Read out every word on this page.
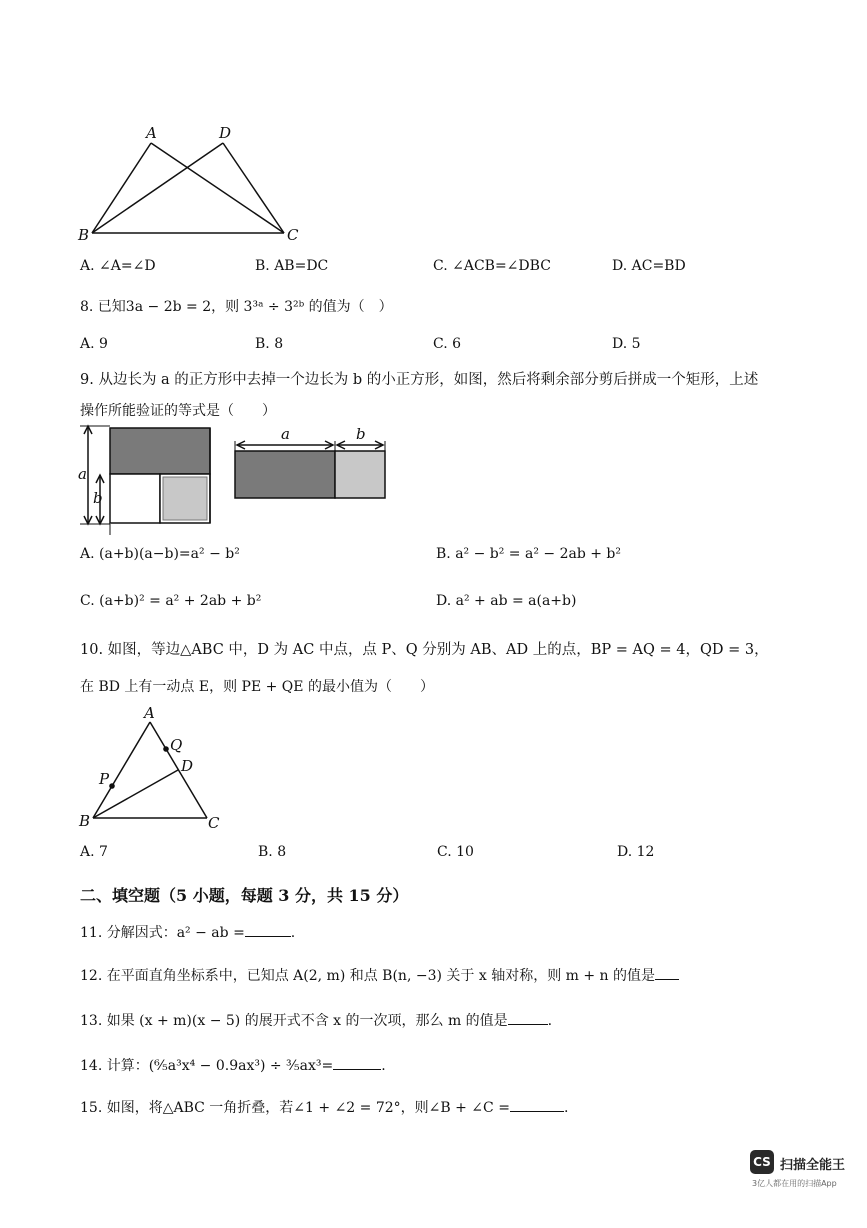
A	D
B	C
A. ∠A=∠D	B. AB=DC	C. ∠ACB=∠DBC	D. AC=BD
8. 已知3a − 2b = 2，则 3³ᵃ ÷ 3²ᵇ 的值为（　）
A. 9	B. 8	C. 6	D. 5
9. 从边长为 a 的正方形中去掉一个边长为 b 的小正方形，如图，然后将剩余部分剪后拼成一个矩形，上述
操作所能验证的等式是（　　）
a
b
a	b
A. (a+b)(a−b)=a² − b²	B. a² − b² = a² − 2ab + b²
C. (a+b)² = a² + 2ab + b²	D. a² + ab = a(a+b)
10. 如图，等边△ABC 中，D 为 AC 中点，点 P、Q 分别为 AB、AD 上的点，BP = AQ = 4，QD = 3，
在 BD 上有一动点 E，则 PE + QE 的最小值为（　　）
A
Q
D
P
B	C
A. 7	B. 8	C. 10	D. 12
二、填空题（5 小题，每题 3 分，共 15 分）
11. 分解因式：a² − ab =	.
12. 在平面直角坐标系中，已知点 A(2, m) 和点 B(n, −3) 关于 x 轴对称，则 m + n 的值是
13. 如果 (x + m)(x − 5) 的展开式不含 x 的一次项，那么 m 的值是	.
14. 计算：(⁶⁄₅a³x⁴ − 0.9ax³) ÷ ³⁄₅ax³=	.
15. 如图，将△ABC 一角折叠，若∠1 + ∠2 = 72°，则∠B + ∠C =	.
CS 扫描全能王
3亿人都在用的扫描App
